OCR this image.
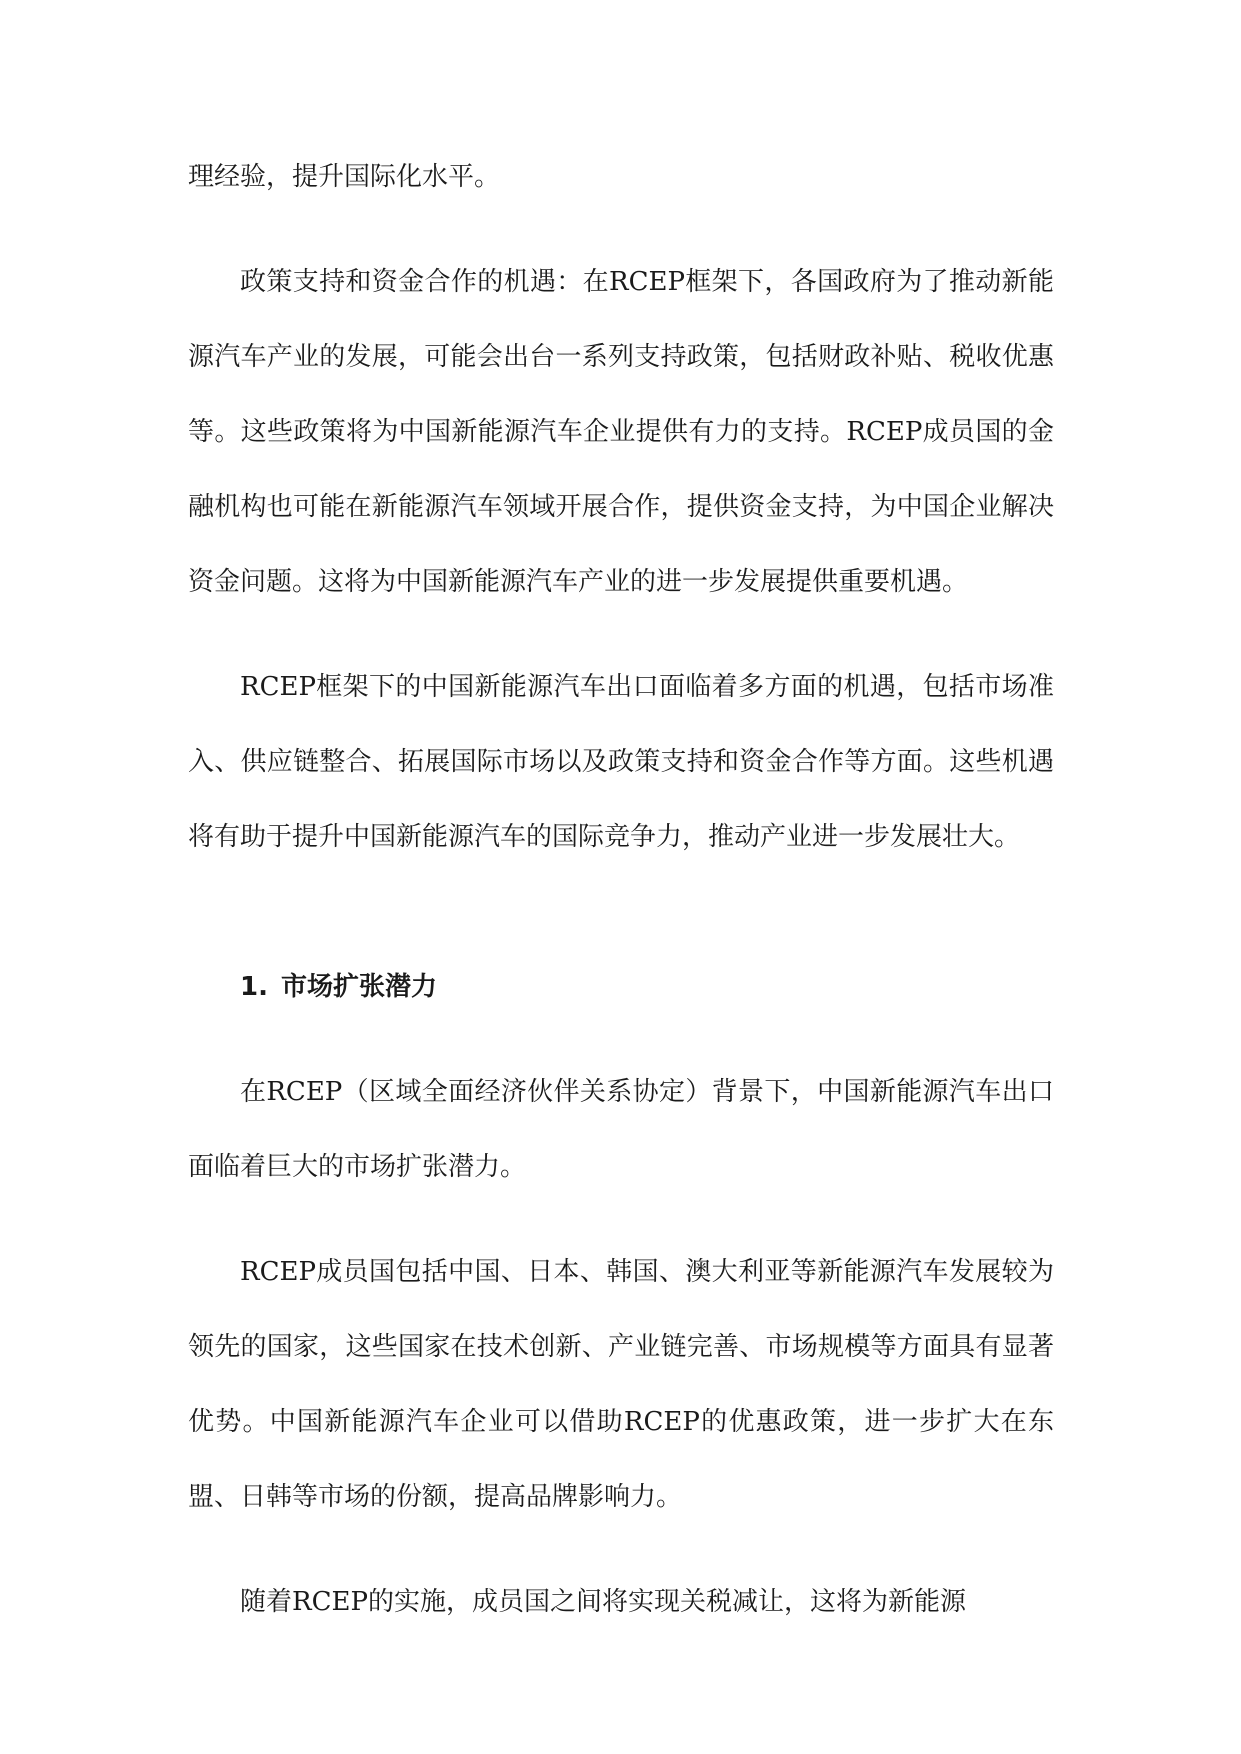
理经验，提升国际化水平。

政策支持和资金合作的机遇：在RCEP框架下，各国政府为了推动新能源汽车产业的发展，可能会出台一系列支持政策，包括财政补贴、税收优惠等。这些政策将为中国新能源汽车企业提供有力的支持。RCEP成员国的金融机构也可能在新能源汽车领域开展合作，提供资金支持，为中国企业解决资金问题。这将为中国新能源汽车产业的进一步发展提供重要机遇。

RCEP框架下的中国新能源汽车出口面临着多方面的机遇，包括市场准入、供应链整合、拓展国际市场以及政策支持和资金合作等方面。这些机遇将有助于提升中国新能源汽车的国际竞争力，推动产业进一步发展壮大。

1. 市场扩张潜力

在RCEP（区域全面经济伙伴关系协定）背景下，中国新能源汽车出口面临着巨大的市场扩张潜力。

RCEP成员国包括中国、日本、韩国、澳大利亚等新能源汽车发展较为领先的国家，这些国家在技术创新、产业链完善、市场规模等方面具有显著优势。中国新能源汽车企业可以借助RCEP的优惠政策，进一步扩大在东盟、日韩等市场的份额，提高品牌影响力。

随着RCEP的实施，成员国之间将实现关税减让，这将为新能源
